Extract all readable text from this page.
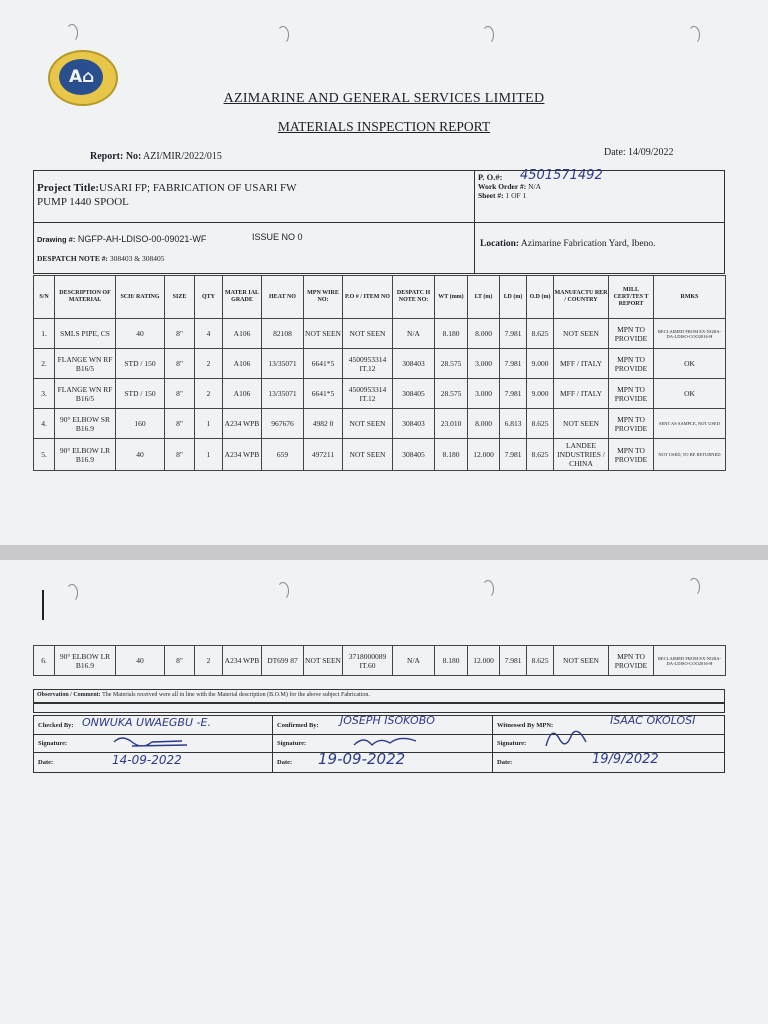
A⌂
AZIMARINE AND GENERAL SERVICES LIMITED
MATERIALS INSPECTION REPORT
Report: No: AZI/MIR/2022/015	Date: 14/09/2022
Project Title:USARI FP; FABRICATION OF USARI FW
PUMP 1440 SPOOL
P. O.#: 4501571492
Work Order #: N/A
Sheet #: 1 OF 1
Drawing #: NGFP-AH-LDISO-00-09021-WF	ISSUE NO 0
DESPATCH NOTE #: 308403 & 308405
Location: Azimarine Fabrication Yard, Ibeno.
S/N	DESCRIPTION OF MATERIAL	SCH/ RATING	SIZE	QTY	MATER IAL GRADE	HEAT NO	MPN WIRE NO:	P.O # / ITEM NO	DESPATC H NOTE NO:	WT (mm)	LT (m)	I.D (m)	O.D (m)	MANUFACTU RER / COUNTRY	MILL CERT/TES T REPORT	RMKS
1.	SMLS PIPE, CS	40	8"	4	A106	82108	NOT SEEN	NOT SEEN	N/A	8.180	8.000	7.981	8.625	NOT SEEN	MPN TO PROVIDE	RECLAIMED FROM EX-NGBA-DA-LDISO-COO2016-H
2.	FLANGE WN RF B16/5	STD / 150	8"	2	A106	13/35071	6641*5	4500953314 IT.12	308403	28.575	3.000	7.981	9.000	MFF / ITALY	MPN TO PROVIDE	OK
3.	FLANGE WN RF B16/5	STD / 150	8"	2	A106	13/35071	6641*5	4500953314 IT.12	308405	28.575	3.000	7.981	9.000	MFF / ITALY	MPN TO PROVIDE	OK
4.	90° ELBOW SR B16.9	160	8"	1	A234 WPB	967676	4982 0	NOT SEEN	308403	23.010	8.000	6.813	8.625	NOT SEEN	MPN TO PROVIDE	SENT AS SAMPLE, NOT USED
5.	90° ELBOW LR B16.9	40	8"	1	A234 WPB	659	497211	NOT SEEN	308405	8.180	12.000	7.981	8.625	LANDEE INDUSTRIES / CHINA	MPN TO PROVIDE	NOT USED, TO BE RETURNED
6.	90° ELBOW LR B16.9	40	8"	2	A234 WPB	DT699 87	NOT SEEN	3718000089 IT.60	N/A	8.180	12.000	7.981	8.625	NOT SEEN	MPN TO PROVIDE	RECLAIMED FROM EX-NGBA-DA-LDISO-COO2016-H
Observation / Comment: The Materials received were all in line with the Material description (B.O.M) for the above subject Fabrication.
Checked By: ONWUKA UWAEGBU -E.
Signature:
Date:	14-09-2022
Confirmed By: JOSEPH ISOKOBO
Signature:
Date: 19-09-2022
Witnessed By MPN:	ISAAC OKOLOSI
Signature:
Date:	19/9/2022
